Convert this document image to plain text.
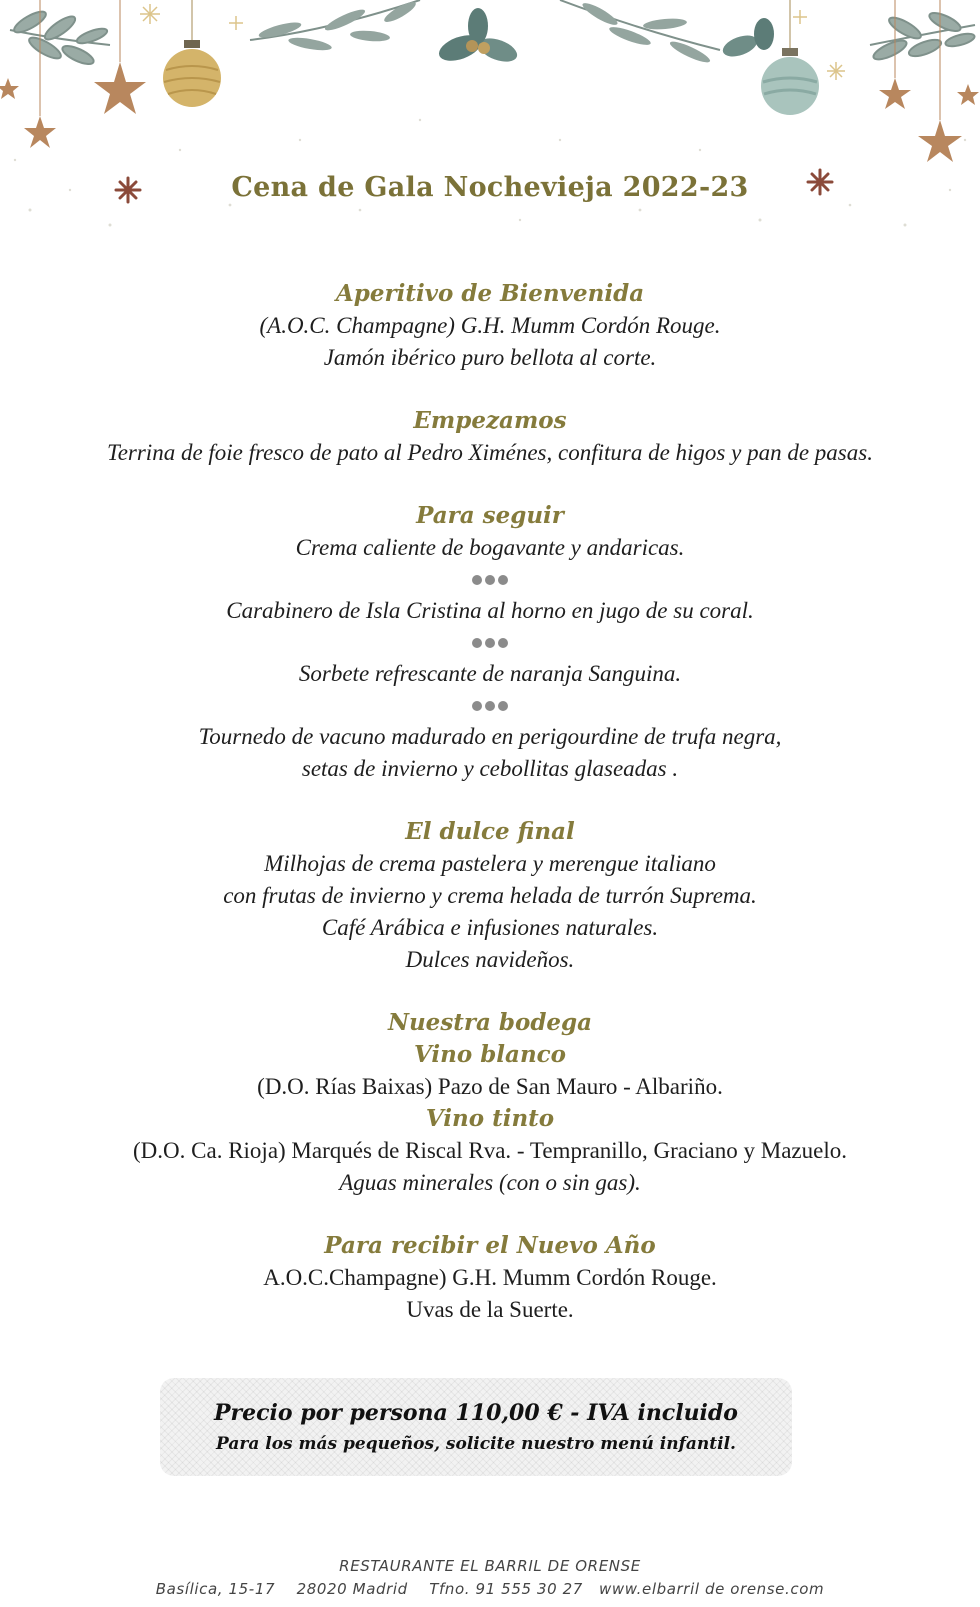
Cena de Gala Nochevieja 2022-23
Aperitivo de Bienvenida
(A.O.C. Champagne) G.H. Mumm Cordón Rouge.
Jamón ibérico puro bellota al corte.
Empezamos
Terrina de foie fresco de pato al Pedro Ximénes, confitura de higos y pan de pasas.
Para seguir
Crema caliente de bogavante y andaricas.
Carabinero de Isla Cristina al horno en jugo de su coral.
Sorbete refrescante de naranja Sanguina.
Tournedo de vacuno madurado en perigourdine de trufa negra,
setas de invierno y cebollitas glaseadas .
El dulce final
Milhojas de crema pastelera y merengue italiano
con frutas de invierno y crema helada de turrón Suprema.
Café Arábica e infusiones naturales.
Dulces navideños.
Nuestra bodega
Vino blanco
(D.O. Rías Baixas) Pazo de San Mauro - Albariño.
Vino tinto
(D.O. Ca. Rioja) Marqués de Riscal Rva. - Tempranillo, Graciano y Mazuelo.
Aguas minerales (con o sin gas).
Para recibir el Nuevo Año
A.O.C.Champagne) G.H. Mumm Cordón Rouge.
Uvas de la Suerte.
Precio por persona 110,00 € - IVA incluido
Para los más pequeños, solicite nuestro menú infantil.
RESTAURANTE EL BARRIL DE ORENSE
Basílica, 15-17    28020 Madrid    Tfno. 91 555 30 27   www.elbarril de orense.com
